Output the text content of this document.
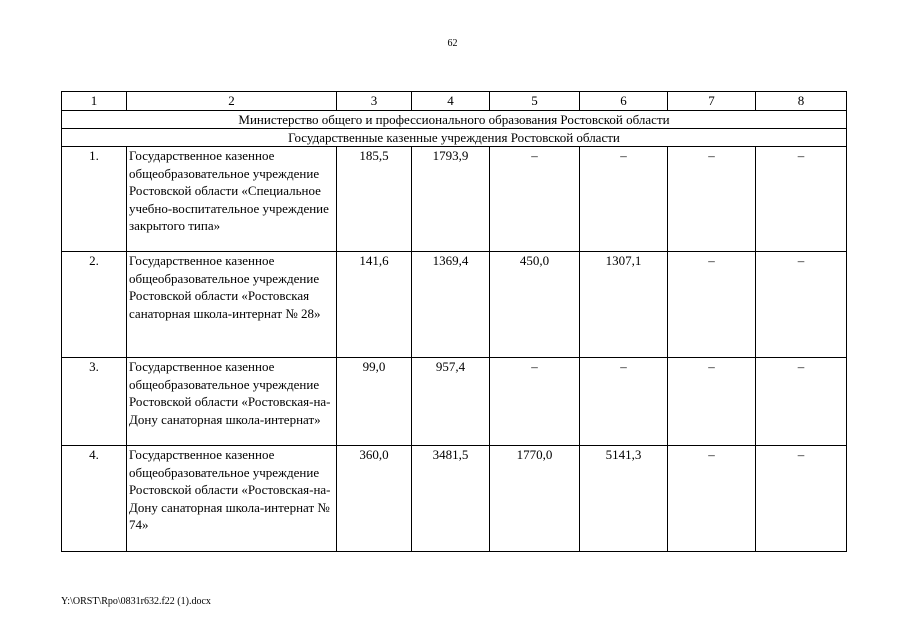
62
1	2	3	4	5	6	7	8
Министерство общего и профессионального образования Ростовской области							
Государственные казенные учреждения Ростовской области							
1.	Государственное казенное общеобразовательное учреждение Ростовской области «Специальное учебно-воспитательное учреждение закрытого типа»	185,5	1793,9	–	–	–	–
2.	Государственное казенное общеобразовательное учреждение Ростовской области «Ростовская санаторная школа-интернат № 28»	141,6	1369,4	450,0	1307,1	–	–
3.	Государственное казенное общеобразовательное учреждение Ростовской области «Ростовская-на-Дону санаторная школа-интернат»	99,0	957,4	–	–	–	–
4.	Государственное казенное общеобразовательное учреждение Ростовской области «Ростовская-на-Дону санаторная школа-интернат № 74»	360,0	3481,5	1770,0	5141,3	–	–
Y:\ORST\Rpo\0831r632.f22 (1).docx
